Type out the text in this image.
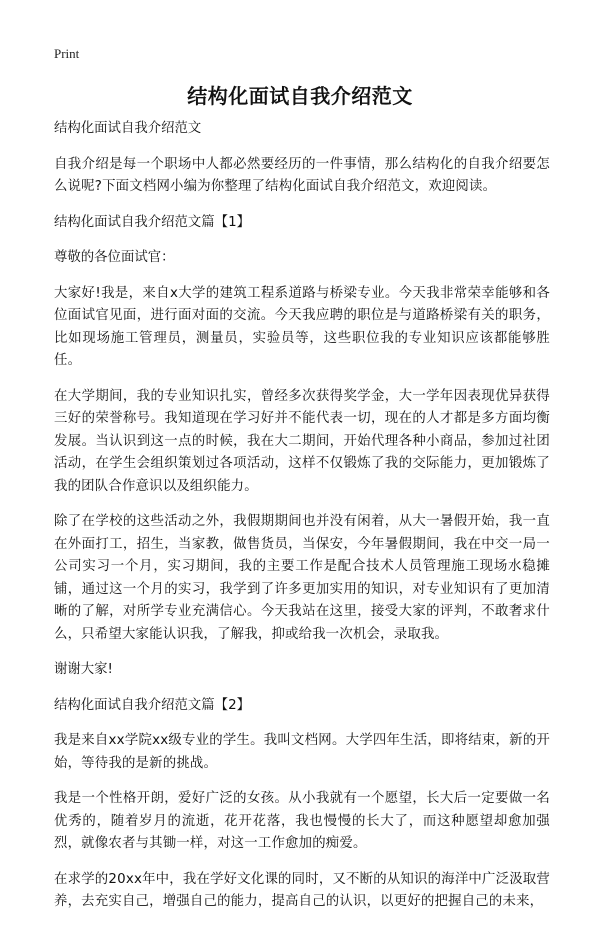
Print
结构化面试自我介绍范文

结构化面试自我介绍范文

自我介绍是每一个职场中人都必然要经历的一件事情，那么结构化的自我介绍要怎么说呢?下面文档网小编为你整理了结构化面试自我介绍范文，欢迎阅读。

结构化面试自我介绍范文篇【1】

尊敬的各位面试官：

大家好!我是，来自x大学的建筑工程系道路与桥梁专业。今天我非常荣幸能够和各位面试官见面，进行面对面的交流。今天我应聘的职位是与道路桥梁有关的职务，比如现场施工管理员，测量员，实验员等，这些职位我的专业知识应该都能够胜任。

在大学期间，我的专业知识扎实，曾经多次获得奖学金，大一学年因表现优异获得三好的荣誉称号。我知道现在学习好并不能代表一切，现在的人才都是多方面均衡发展。当认识到这一点的时候，我在大二期间，开始代理各种小商品，参加过社团活动，在学生会组织策划过各项活动，这样不仅锻炼了我的交际能力，更加锻炼了我的团队合作意识以及组织能力。

除了在学校的这些活动之外，我假期期间也并没有闲着，从大一暑假开始，我一直在外面打工，招生，当家教，做售货员，当保安，今年暑假期间，我在中交一局一公司实习一个月，实习期间，我的主要工作是配合技术人员管理施工现场水稳摊铺，通过这一个月的实习，我学到了许多更加实用的知识，对专业知识有了更加清晰的了解，对所学专业充满信心。今天我站在这里，接受大家的评判，不敢奢求什么，只希望大家能认识我，了解我，抑或给我一次机会，录取我。

谢谢大家!

结构化面试自我介绍范文篇【2】

我是来自xx学院xx级专业的学生。我叫文档网。大学四年生活，即将结束，新的开始，等待我的是新的挑战。

我是一个性格开朗，爱好广泛的女孩。从小我就有一个愿望，长大后一定要做一名优秀的，随着岁月的流逝，花开花落，我也慢慢的长大了，而这种愿望却愈加强烈，就像农者与其锄一样，对这一工作愈加的痴爱。

在求学的20xx年中，我在学好文化课的同时，又不断的从知识的海洋中广泛汲取营养，去充实自己，增强自己的能力，提高自己的认识，以更好的把握自己的未来，
